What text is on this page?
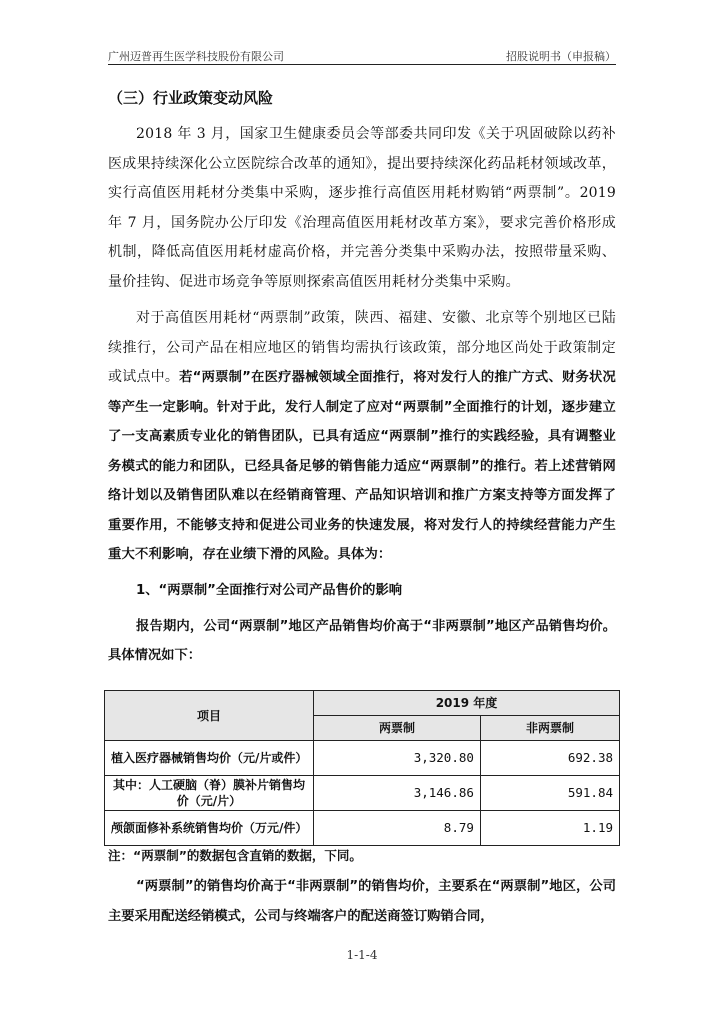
广州迈普再生医学科技股份有限公司	招股说明书（申报稿）
（三）行业政策变动风险

2018 年 3 月，国家卫生健康委员会等部委共同印发《关于巩固破除以药补医成果持续深化公立医院综合改革的通知》，提出要持续深化药品耗材领域改革，实行高值医用耗材分类集中采购，逐步推行高值医用耗材购销“两票制”。2019 年 7 月，国务院办公厅印发《治理高值医用耗材改革方案》，要求完善价格形成机制，降低高值医用耗材虚高价格，并完善分类集中采购办法，按照带量采购、量价挂钩、促进市场竞争等原则探索高值医用耗材分类集中采购。

对于高值医用耗材“两票制”政策，陕西、福建、安徽、北京等个别地区已陆续推行，公司产品在相应地区的销售均需执行该政策，部分地区尚处于政策制定或试点中。若“两票制”在医疗器械领域全面推行，将对发行人的推广方式、财务状况等产生一定影响。针对于此，发行人制定了应对“两票制”全面推行的计划，逐步建立了一支高素质专业化的销售团队，已具有适应“两票制”推行的实践经验，具有调整业务模式的能力和团队，已经具备足够的销售能力适应“两票制”的推行。若上述营销网络计划以及销售团队难以在经销商管理、产品知识培训和推广方案支持等方面发挥了重要作用，不能够支持和促进公司业务的快速发展，将对发行人的持续经营能力产生重大不利影响，存在业绩下滑的风险。具体为：

1、“两票制”全面推行对公司产品售价的影响

报告期内，公司“两票制”地区产品销售均价高于“非两票制”地区产品销售均价。具体情况如下：

项目	2019 年度	
	两票制	非两票制
植入医疗器械销售均价（元/片或件）	3,320.80	692.38
其中：人工硬脑（脊）膜补片销售均价（元/片）	3,146.86	591.84
颅颌面修补系统销售均价（万元/件）	8.79	1.19
注：“两票制”的数据包含直销的数据，下同。

“两票制”的销售均价高于“非两票制”的销售均价，主要系在“两票制”地区，公司主要采用配送经销模式，公司与终端客户的配送商签订购销合同，

1-1-4
